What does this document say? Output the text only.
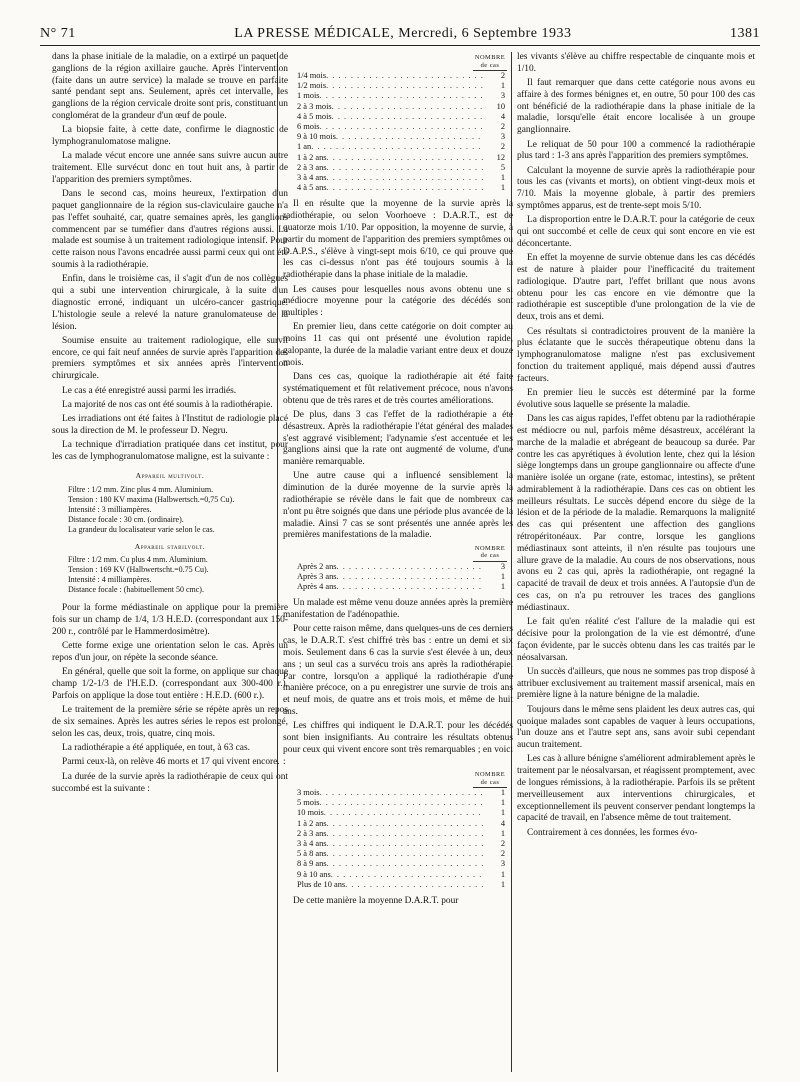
N° 71	LA PRESSE MÉDICALE, Mercredi, 6 Septembre 1933	1381

dans la phase initiale de la maladie, on a extirpé un paquet de ganglions de la région axillaire gauche. Après l'intervention (faite dans un autre service) la malade se trouve en parfaite santé pendant sept ans. Seulement, après cet intervalle, les ganglions de la région cervicale droite sont pris, constituant un conglomérat de la grandeur d'un œuf de poule.

La biopsie faite, à cette date, confirme le diagnostic de lymphogranulomatose maligne.

La malade vécut encore une année sans suivre aucun autre traitement. Elle survécut donc en tout huit ans, à partir de l'apparition des premiers symptômes.

Dans le second cas, moins heureux, l'extirpation d'un paquet ganglionnaire de la région sus-claviculaire gauche n'a pas l'effet souhaité, car, quatre semaines après, les ganglions commencent par se tuméfier dans d'autres régions aussi. La malade est soumise à un traitement radiologique intensif. Pour cette raison nous l'avons encadrée aussi parmi ceux qui ont été soumis à la radiothérapie.

Enfin, dans le troisième cas, il s'agit d'un de nos collègues qui a subi une intervention chirurgicale, à la suite d'un diagnostic erroné, indiquant un ulcéro-cancer gastrique. L'histologie seule a relevé la nature granulomateuse de la lésion.

Soumise ensuite au traitement radiologique, elle survit encore, ce qui fait neuf années de survie après l'apparition des premiers symptômes et six années après l'intervention chirurgicale.

Le cas a été enregistré aussi parmi les irradiés.

La majorité de nos cas ont été soumis à la radiothérapie.

Les irradiations ont été faites à l'Institut de radiologie placé sous la direction de M. le professeur D. Negru.

La technique d'irradiation pratiquée dans cet institut, pour les cas de lymphogranulomatose maligne, est la suivante :

Appareil multivolt.

Filtre : 1/2 mm. Zinc plus 4 mm. Aluminium.

Tension : 180 KV maxima (Halbwertsch.=0,75 Cu).

Intensité : 3 milliampères.

Distance focale : 30 cm. (ordinaire).

La grandeur du localisateur varie selon le cas.

Appareil stabilvolt.

Filtre : 1/2 mm. Cu plus 4 mm. Aluminium.

Tension : 169 KV (Halbwertscht.=0.75 Cu).

Intensité : 4 milliampères.

Distance focale : (habituellement 50 cmc).

Pour la forme médiastinale on applique pour la première fois sur un champ de 1/4, 1/3 H.E.D. (correspondant aux 150-200 r., contrôlé par le Hammerdosimètre).

Cette forme exige une orientation selon le cas. Après un repos d'un jour, on répète la seconde séance.

En général, quelle que soit la forme, on applique sur chaque champ 1/2-1/3 de l'H.E.D. (correspondant aux 300-400 r.). Parfois on applique la dose tout entière : H.E.D. (600 r.).

Le traitement de la première série se répète après un repos de six semaines. Après les autres séries le repos est prolongé, selon les cas, deux, trois, quatre, cinq mois.

La radiothérapie a été appliquée, en tout, à 63 cas.

Parmi ceux-là, on relève 46 morts et 17 qui vivent encore.

La durée de la survie après la radiothérapie de ceux qui ont succombé est la suivante :

NOMBRE de cas
1/4 mois . . .	2
1/2 mois . . .	1
1 mois . . .	3
2 à 3 mois . . .	10
4 à 5 mois . . .	4
6 mois . . .	2
9 à 10 mois . . .	3
1 an . . .	2
1 à 2 ans . . .	12
2 à 3 ans . . .	5
3 à 4 ans . . .	1
4 à 5 ans . . .	1

Il en résulte que la moyenne de la survie après la radiothérapie, ou selon Voorhoeve : D.A.R.T., est de quatorze mois 1/10. Par opposition, la moyenne de survie, à partir du moment de l'apparition des premiers symptômes ou D.A.P.S., s'élève à vingt-sept mois 6/10, ce qui prouve que les cas ci-dessus n'ont pas été toujours soumis à la radiothérapie dans la phase initiale de la maladie.

Les causes pour lesquelles nous avons obtenu une si médiocre moyenne pour la catégorie des décédés sont multiples :

En premier lieu, dans cette catégorie on doit compter au moins 11 cas qui ont présenté une évolution rapide, galopante, la durée de la maladie variant entre deux et douze mois.

Dans ces cas, quoique la radiothérapie ait été faite systématiquement et fût relativement précoce, nous n'avons obtenu que de très rares et de très courtes améliorations.

De plus, dans 3 cas l'effet de la radiothérapie a été désastreux. Après la radiothérapie l'état général des malades s'est aggravé visiblement; l'adynamie s'est accentuée et les ganglions ainsi que la rate ont augmenté de volume, d'une manière remarquable.

Une autre cause qui a influencé sensiblement la diminution de la durée moyenne de la survie après la radiothérapie se révèle dans le fait que de nombreux cas n'ont pu être soignés que dans une période plus avancée de la maladie. Ainsi 7 cas se sont présentés une année après les premières manifestations de la maladie.

NOMBRE de cas
Après 2 ans . . .	3
Après 3 ans . . .	1
Après 4 ans . . .	1

Un malade est même venu douze années après la première manifestation de l'adénopathie.

Pour cette raison même, dans quelques-uns de ces derniers cas, le D.A.R.T. s'est chiffré très bas : entre un demi et six mois. Seulement dans 6 cas la survie s'est élevée à un, deux ans ; un seul cas a survécu trois ans après la radiothérapie. Par contre, lorsqu'on a appliqué la radiothérapie d'une manière précoce, on a pu enregistrer une survie de trois ans et neuf mois, de quatre ans et trois mois, et même de huit ans.

Les chiffres qui indiquent le D.A.R.T. pour les décédés sont bien insignifiants. Au contraire les résultats obtenus pour ceux qui vivent encore sont très remarquables ; en voici :

NOMBRE de cas
3 mois . . .	1
5 mois . . .	1
10 mois . . .	1
1 à 2 ans . . .	4
2 à 3 ans . . .	1
3 à 4 ans . . .	2
5 à 8 ans . . .	2
8 à 9 ans . . .	3
9 à 10 ans . . .	1
Plus de 10 ans . . .	1

De cette manière la moyenne D.A.R.T. pour

les vivants s'élève au chiffre respectable de cinquante mois et 1/10.

Il faut remarquer que dans cette catégorie nous avons eu affaire à des formes bénignes et, en outre, 50 pour 100 des cas ont bénéficié de la radiothérapie dans la phase initiale de la maladie, lorsqu'elle était encore localisée à un groupe ganglionnaire.

Le reliquat de 50 pour 100 a commencé la radiothérapie plus tard : 1-3 ans après l'apparition des premiers symptômes.

Calculant la moyenne de survie après la radiothérapie pour tous les cas (vivants et morts), on obtient vingt-deux mois et 7/10. Mais la moyenne globale, à partir des premiers symptômes apparus, est de trente-sept mois 5/10.

La disproportion entre le D.A.R.T. pour la catégorie de ceux qui ont succombé et celle de ceux qui sont encore en vie est déconcertante.

En effet la moyenne de survie obtenue dans les cas décédés est de nature à plaider pour l'inefficacité du traitement radiologique. D'autre part, l'effet brillant que nous avons obtenu pour les cas encore en vie démontre que la radiothérapie est susceptible d'une prolongation de la vie de deux, trois ans et demi.

Ces résultats si contradictoires prouvent de la manière la plus éclatante que le succès thérapeutique obtenu dans la lymphogranulomatose maligne n'est pas exclusivement fonction du traitement appliqué, mais dépend aussi d'autres facteurs.

En premier lieu le succès est déterminé par la forme évolutive sous laquelle se présente la maladie.

Dans les cas aigus rapides, l'effet obtenu par la radiothérapie est médiocre ou nul, parfois même désastreux, accélérant la marche de la maladie et abrégeant de beaucoup sa durée. Par contre les cas apyrétiques à évolution lente, chez qui la lésion siège longtemps dans un groupe ganglionnaire ou affecte d'une manière isolée un organe (rate, estomac, intestins), se prêtent admirablement à la radiothérapie. Dans ces cas on obtient les meilleurs résultats. Le succès dépend encore du siège de la lésion et de la période de la maladie. Remarquons la malignité des cas qui présentent une affection des ganglions rétropéritonéaux. Par contre, lorsque les ganglions médiastinaux sont atteints, il n'en résulte pas toujours une allure grave de la maladie. Au cours de nos observations, nous avons eu 2 cas qui, après la radiothérapie, ont regagné la capacité de travail de deux et trois années. A l'autopsie d'un de ces cas, on n'a pu retrouver les traces des ganglions médiastinaux.

Le fait qu'en réalité c'est l'allure de la maladie qui est décisive pour la prolongation de la vie est démontré, d'une façon évidente, par le succès obtenu dans les cas traités par le néosalvarsan.

Un succès d'ailleurs, que nous ne sommes pas trop disposé à attribuer exclusivement au traitement massif arsenical, mais en première ligne à la nature bénigne de la maladie.

Toujours dans le même sens plaident les deux autres cas, qui quoique malades sont capables de vaquer à leurs occupations, l'un douze ans et l'autre sept ans, sans avoir subi cependant aucun traitement.

Les cas à allure bénigne s'améliorent admirablement après le traitement par le néosalvarsan, et réagissent promptement, avec de longues rémissions, à la radiothérapie. Parfois ils se prêtent merveilleusement aux interventions chirurgicales, et exceptionnellement ils peuvent conserver pendant longtemps la capacité de travail, en l'absence même de tout traitement.

Contrairement à ces données, les formes évo-
